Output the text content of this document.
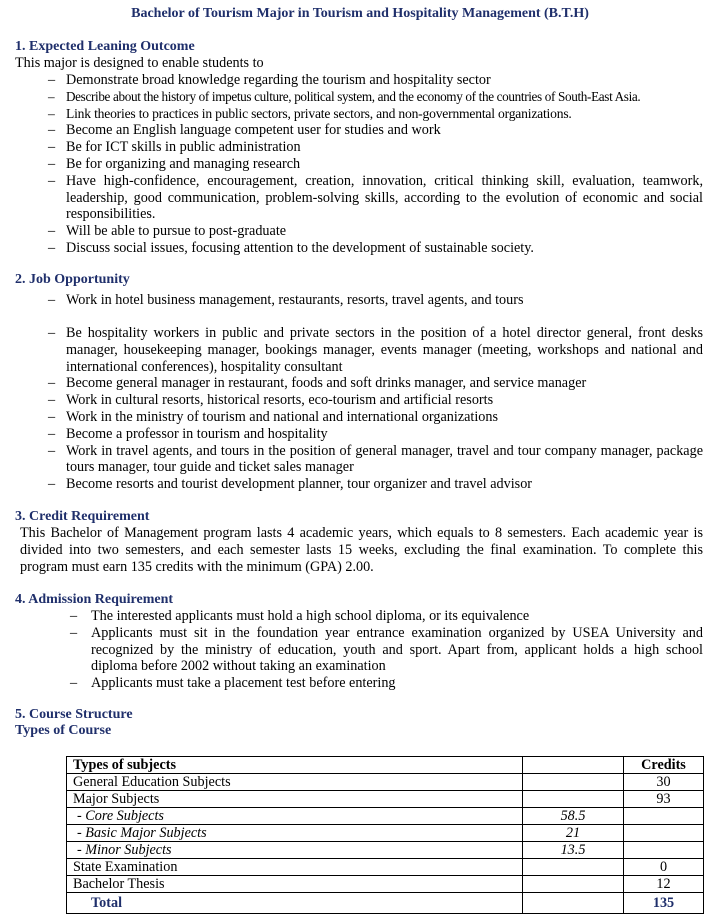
Bachelor of Tourism Major in Tourism and Hospitality Management (B.T.H)
1. Expected Leaning Outcome
This major is designed to enable students to
– Demonstrate broad knowledge regarding the tourism and hospitality sector
– Describe about the history of impetus culture, political system, and the economy of the countries of South-East Asia.
– Link theories to practices in public sectors, private sectors, and non-governmental organizations.
– Become an English language competent user for studies and work
– Be for ICT skills in public administration
– Be for organizing and managing research
– Have high-confidence, encouragement, creation, innovation, critical thinking skill, evaluation, teamwork, leadership, good communication, problem-solving skills, according to the evolution of economic and social responsibilities.
– Will be able to pursue to post-graduate
– Discuss social issues, focusing attention to the development of sustainable society.
2. Job Opportunity
– Work in hotel business management, restaurants, resorts, travel agents, and tours
– Be hospitality workers in public and private sectors in the position of a hotel director general, front desks manager, housekeeping manager, bookings manager, events manager (meeting, workshops and national and international conferences), hospitality consultant
– Become general manager in restaurant, foods and soft drinks manager, and service manager
– Work in cultural resorts, historical resorts, eco-tourism and artificial resorts
– Work in the ministry of tourism and national and international organizations
– Become a professor in tourism and hospitality
– Work in travel agents, and tours in the position of general manager, travel and tour company manager, package tours manager, tour guide and ticket sales manager
– Become resorts and tourist development planner, tour organizer and travel advisor
3. Credit Requirement
This Bachelor of Management program lasts 4 academic years, which equals to 8 semesters. Each academic year is divided into two semesters, and each semester lasts 15 weeks, excluding the final examination. To complete this program must earn 135 credits with the minimum (GPA) 2.00.
4. Admission Requirement
– The interested applicants must hold a high school diploma, or its equivalence
– Applicants must sit in the foundation year entrance examination organized by USEA University and recognized by the ministry of education, youth and sport. Apart from, applicant holds a high school diploma before 2002 without taking an examination
– Applicants must take a placement test before entering
5. Course Structure
Types of Course
Types of subjects		Credits
General Education Subjects		30
Major Subjects		93
- Core Subjects	58.5	
- Basic Major Subjects	21	
- Minor Subjects	13.5	
State Examination		0
Bachelor Thesis		12
Total		135
